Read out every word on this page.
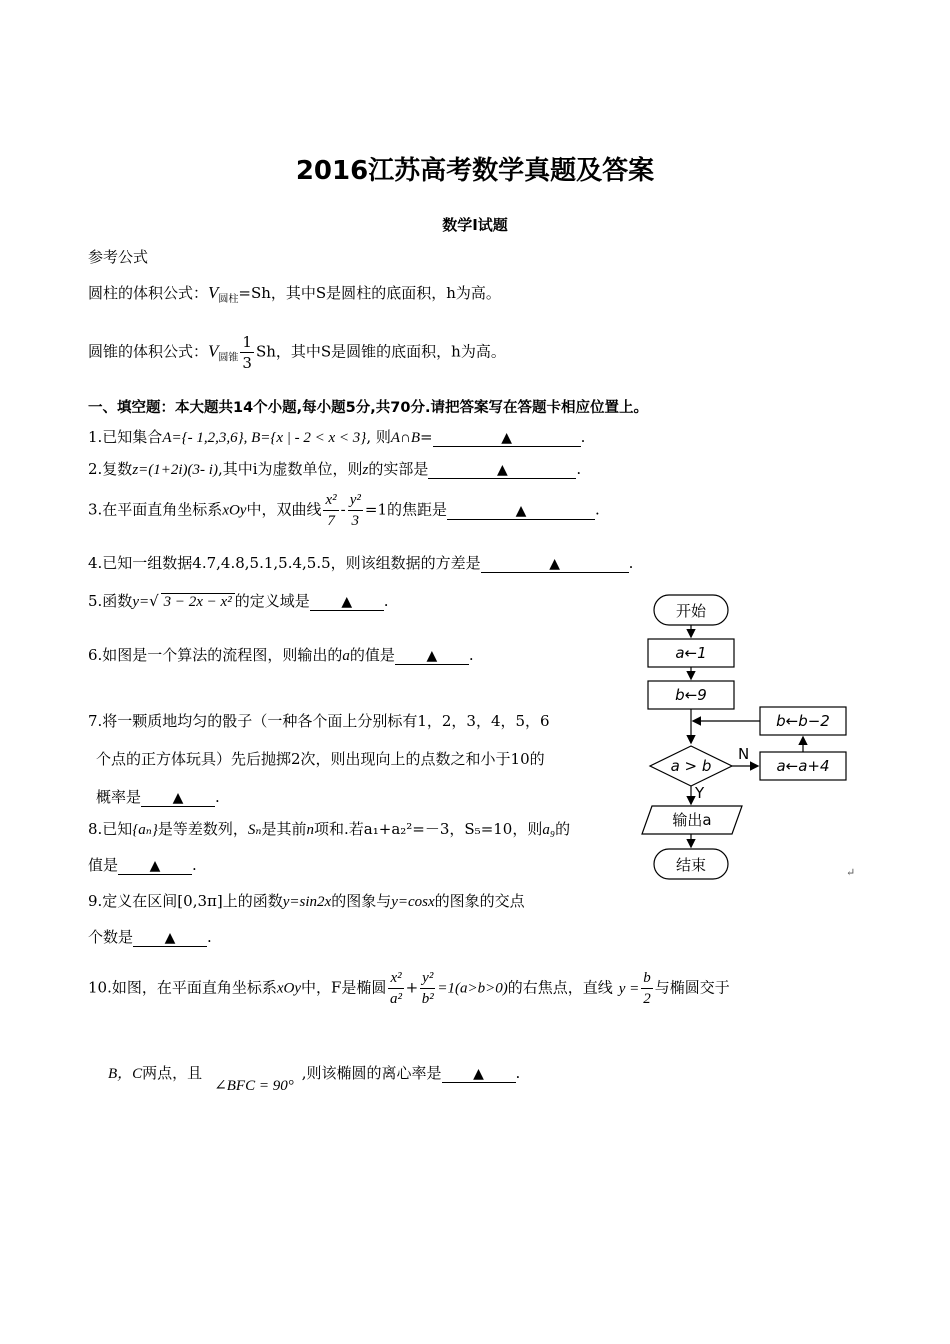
2016江苏高考数学真题及答案
数学Ⅰ试题
参考公式
圆柱的体积公式：$V_{圆柱}=Sh$，其中S是圆柱的底面积，h为高。
圆锥的体积公式：$V_{圆锥} \frac{1}{3}$ Sh，其中S是圆锥的底面积，h为高。
一、填空题：本大题共14个小题,每小题5分,共70分.请把答案写在答题卡相应位置上。
1.已知集合A={- 1,2,3,6}, B={x | - 2 < x < 3}, 则A∩B=	▲	.
2.复数z=(1+2i)(3- i),其中i为虚数单位，则z的实部是	▲	.
3.在平面直角坐标系xOy中，双曲线 $\frac{\text{x²}}{7} - \frac{\text{y²}}{3} =1$的焦距是	▲	.
4.已知一组数据4.7,4.8,5.1,5.4,5.5，则该组数据的方差是	▲	.
5.函数y=√ 3 − 2x − x² 的定义域是 ▲ .
6.如图是一个算法的流程图，则输出的a的值是 ▲ .
7.将一颗质地均匀的骰子（一种各个面上分别标有1，2，3，4，5，6
个点的正方体玩具）先后抛掷2次，则出现向上的点数之和小于10的
概率是 ▲ .
8.已知{aₙ}是等差数列，Sₙ是其前n项和.若a₁+a₂²=－3，S₅=10，则a₉的
值是 ▲ .
9.定义在区间[0,3π]上的函数y=sin2x的图象与y=cosx的图象的交点
个数是 ▲ .
10.如图，在平面直角坐标系xOy中，F是椭圆 $\frac{\text{x²}}{\text{a²}} + \frac{\text{y²}}{\text{b²}} =1(a>b>0)$的右焦点，直线 $y = \frac{b}{2}$ 与椭圆交于
B，C两点，且∠BFC = 90°,则该椭圆的离心率是 ▲ .
开始
a←1
b←9
a > b
N
Y
a←a+4
b←b−2
输出a
结束	↵
